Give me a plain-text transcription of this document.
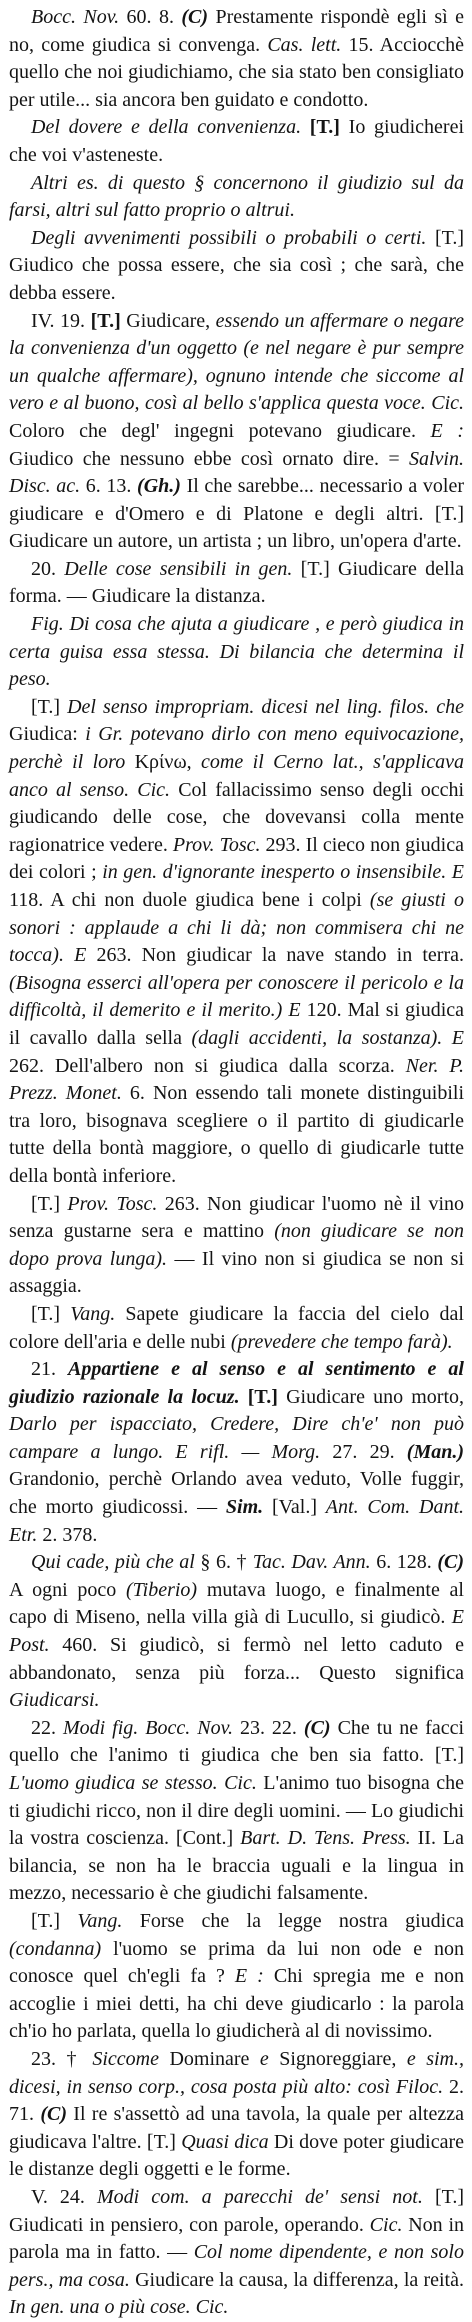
Bocc. Nov. 60. 8. (C) Prestamente rispondè egli sì e no, come giudica si convenga. Cas. lett. 15. Acciocchè quello che noi giudichiamo, che sia stato ben consigliato per utile... sia ancora ben guidato e condotto.

Del dovere e della convenienza. [T.] Io giudicherei che voi v'asteneste.

Altri es. di questo § concernono il giudizio sul da farsi, altri sul fatto proprio o altrui.

Degli avvenimenti possibili o probabili o certi. [T.] Giudico che possa essere, che sia così ; che sarà, che debba essere.

IV. 19. [T.] Giudicare, essendo un affermare o negare la convenienza d'un oggetto (e nel negare è pur sempre un qualche affermare), ognuno intende che siccome al vero e al buono, così al bello s'applica questa voce. Cic. Coloro che degl' ingegni potevano giudicare. E : Giudico che nessuno ebbe così ornato dire. = Salvin. Disc. ac. 6. 13. (Gh.) Il che sarebbe... necessario a voler giudicare e d'Omero e di Platone e degli altri. [T.] Giudicare un autore, un artista ; un libro, un'opera d'arte.

20. Delle cose sensibili in gen. [T.] Giudicare della forma. — Giudicare la distanza.

Fig. Di cosa che ajuta a giudicare , e però giudica in certa guisa essa stessa. Di bilancia che determina il peso.

[T.] Del senso impropriam. dicesi nel ling. filos. che Giudica: i Gr. potevano dirlo con meno equivocazione, perchè il loro Κρίνω, come il Cerno lat., s'applicava anco al senso. Cic. Col fallacissimo senso degli occhi giudicando delle cose, che dovevansi colla mente ragionatrice vedere. Prov. Tosc. 293. Il cieco non giudica dei colori ; in gen. d'ignorante inesperto o insensibile. E 118. A chi non duole giudica bene i colpi (se giusti o sonori : applaude a chi li dà; non commisera chi ne tocca). E 263. Non giudicar la nave stando in terra. (Bisogna esserci all'opera per conoscere il pericolo e la difficoltà, il demerito e il merito.) E 120. Mal si giudica il cavallo dalla sella (dagli accidenti, la sostanza). E 262. Dell'albero non si giudica dalla scorza. Ner. P. Prezz. Monet. 6. Non essendo tali monete distinguibili tra loro, bisognava scegliere o il partito di giudicarle tutte della bontà maggiore, o quello di giudicarle tutte della bontà inferiore.

[T.] Prov. Tosc. 263. Non giudicar l'uomo nè il vino senza gustarne sera e mattino (non giudicare se non dopo prova lunga). — Il vino non si giudica se non si assaggia.

[T.] Vang. Sapete giudicare la faccia del cielo dal colore dell'aria e delle nubi (prevedere che tempo farà).

21. Appartiene e al senso e al sentimento e al giudizio razionale la locuz. [T.] Giudicare uno morto, Darlo per ispacciato, Credere, Dire ch'e' non può campare a lungo. E rifl. — Morg. 27. 29. (Man.) Grandonio, perchè Orlando avea veduto, Volle fuggir, che morto giudicossi. — Sim. [Val.] Ant. Com. Dant. Etr. 2. 378.

Qui cade, più che al § 6. † Tac. Dav. Ann. 6. 128. (C) A ogni poco (Tiberio) mutava luogo, e finalmente al capo di Miseno, nella villa già di Lucullo, si giudicò. E Post. 460. Si giudicò, si fermò nel letto caduto e abbandonato, senza più forza... Questo significa Giudicarsi.

22. Modi fig. Bocc. Nov. 23. 22. (C) Che tu ne facci quello che l'animo ti giudica che ben sia fatto. [T.] L'uomo giudica se stesso. Cic. L'animo tuo bisogna che ti giudichi ricco, non il dire degli uomini. — Lo giudichi la vostra coscienza. [Cont.] Bart. D. Tens. Press. II. La bilancia, se non ha le braccia uguali e la lingua in mezzo, necessario è che giudichi falsamente.

[T.] Vang. Forse che la legge nostra giudica (condanna) l'uomo se prima da lui non ode e non conosce quel ch'egli fa ? E : Chi spregia me e non accoglie i miei detti, ha chi deve giudicarlo : la parola ch'io ho parlata, quella lo giudicherà al di novissimo.

23. † Siccome Dominare e Signoreggiare, e sim., dicesi, in senso corp., cosa posta più alto: così Filoc. 2. 71. (C) Il re s'assettò ad una tavola, la quale per altezza giudicava l'altre. [T.] Quasi dica Di dove poter giudicare le distanze degli oggetti e le forme.

V. 24. Modi com. a parecchi de' sensi not. [T.] Giudicati in pensiero, con parole, operando. Cic. Non in parola ma in fatto. — Col nome dipendente, e non solo pers., ma cosa. Giudicare la causa, la differenza, la reità. In gen. una o più cose. Cic.
